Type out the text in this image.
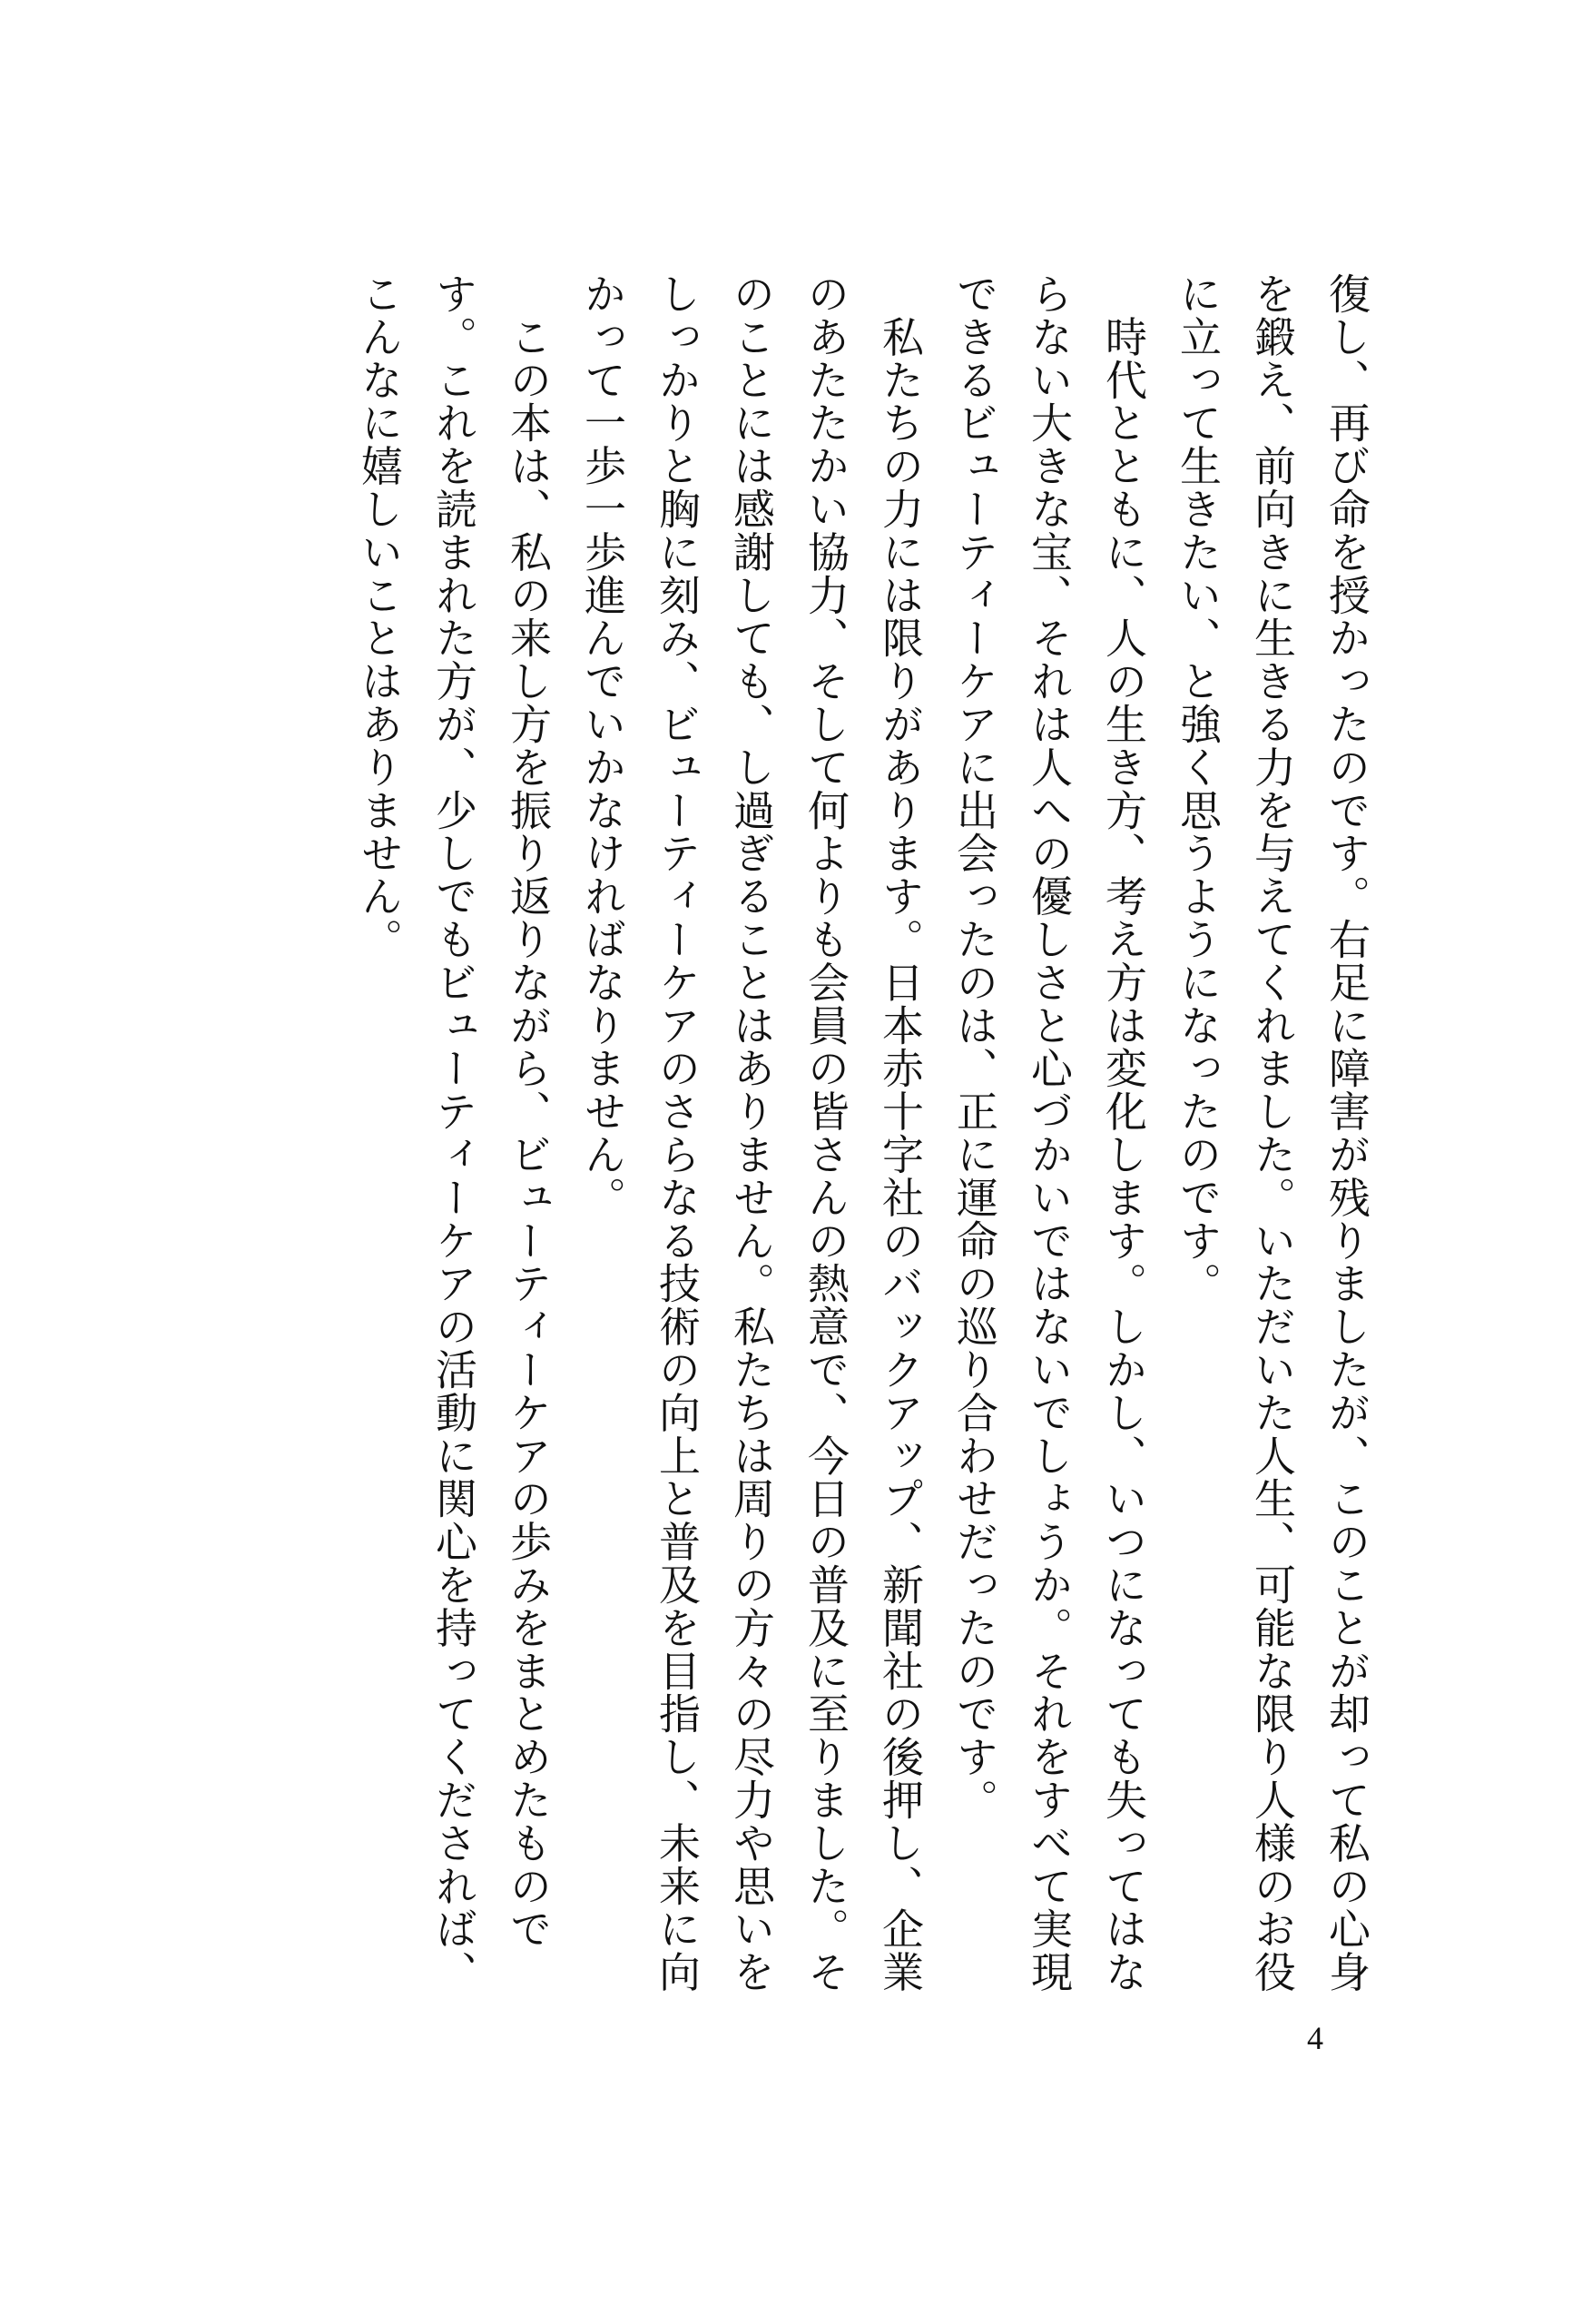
復し、再び命を授かったのです。右足に障害が残りましたが、このことが却って私の心身

を鍛え、前向きに生きる力を与えてくれました。いただいた人生、可能な限り人様のお役

に立って生きたい、と強く思うようになったのです。

　時代とともに、人の生き方、考え方は変化します。しかし、いつになっても失ってはな

らない大きな宝、それは人への優しさと心づかいではないでしょうか。それをすべて実現

できるビューティーケアに出会ったのは、正に運命の巡り合わせだったのです。

　私たちの力には限りがあります。日本赤十字社のバックアップ、新聞社の後押し、企業

のあたたかい協力、そして何よりも会員の皆さんの熱意で、今日の普及に至りました。そ

のことには感謝しても、し過ぎることはありません。私たちは周りの方々の尽力や思いを

しっかりと胸に刻み、ビューティーケアのさらなる技術の向上と普及を目指し、未来に向

かって一歩一歩進んでいかなければなりません。

　この本は、私の来し方を振り返りながら、ビューティーケアの歩みをまとめたもので

す。これを読まれた方が、少しでもビューティーケアの活動に関心を持ってくだされば、

こんなに嬉しいことはありません。

4
